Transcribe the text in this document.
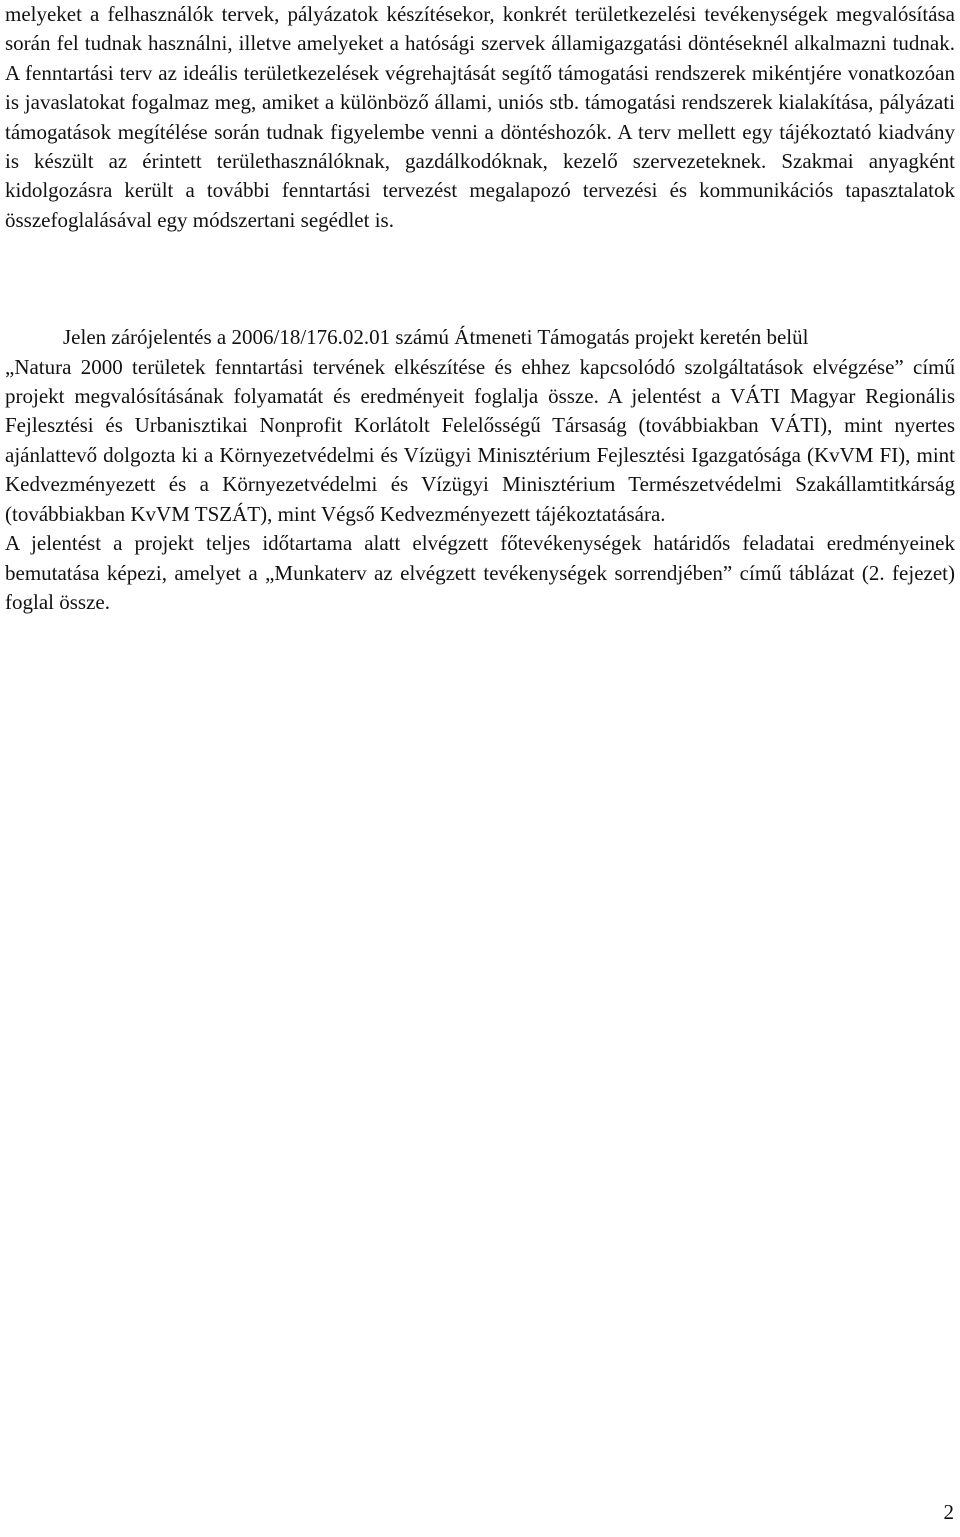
melyeket a felhasználók tervek, pályázatok készítésekor, konkrét területkezelési tevékenységek megvalósítása során fel tudnak használni, illetve amelyeket a hatósági szervek államigazgatási döntéseknél alkalmazni tudnak. A fenntartási terv az ideális területkezelések végrehajtását segítő támogatási rendszerek mikéntjére vonatkozóan is javaslatokat fogalmaz meg, amiket a különböző állami, uniós stb. támogatási rendszerek kialakítása, pályázati támogatások megítélése során tudnak figyelembe venni a döntéshozók. A terv mellett egy tájékoztató kiadvány is készült az érintett területhasználóknak, gazdálkodóknak, kezelő szervezeteknek. Szakmai anyagként kidolgozásra került a további fenntartási tervezést megalapozó tervezési és kommunikációs tapasztalatok összefoglalásával egy módszertani segédlet is.

Jelen zárójelentés a 2006/18/176.02.01 számú Átmeneti Támogatás projekt keretén belül

„Natura 2000 területek fenntartási tervének elkészítése és ehhez kapcsolódó szolgáltatások elvégzése” című projekt megvalósításának folyamatát és eredményeit foglalja össze. A jelentést a VÁTI Magyar Regionális Fejlesztési és Urbanisztikai Nonprofit Korlátolt Felelősségű Társaság (továbbiakban VÁTI), mint nyertes ajánlattevő dolgozta ki a Környezetvédelmi és Vízügyi Minisztérium Fejlesztési Igazgatósága (KvVM FI), mint Kedvezményezett és a Környezetvédelmi és Vízügyi Minisztérium Természetvédelmi Szakállamtitkárság (továbbiakban KvVM TSZÁT), mint Végső Kedvezményezett tájékoztatására.

A jelentést a projekt teljes időtartama alatt elvégzett főtevékenységek határidős feladatai eredményeinek bemutatása képezi, amelyet a „Munkaterv az elvégzett tevékenységek sorrendjében” című táblázat (2. fejezet) foglal össze.

2
